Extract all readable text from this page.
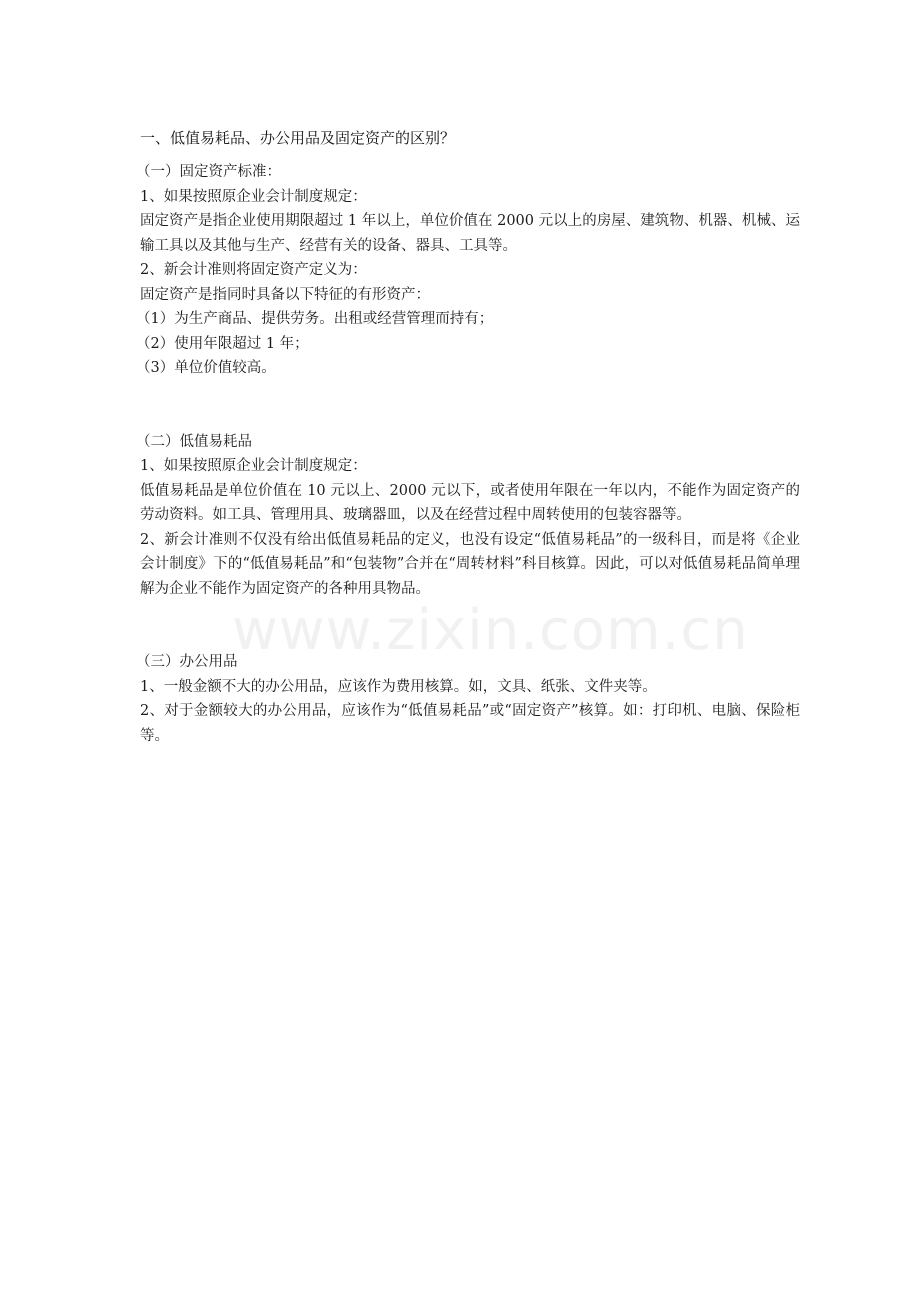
一、低值易耗品、办公用品及固定资产的区别？

（一）固定资产标准：

1、如果按照原企业会计制度规定：

固定资产是指企业使用期限超过 1 年以上，单位价值在 2000 元以上的房屋、建筑物、机器、机械、运输工具以及其他与生产、经营有关的设备、器具、工具等。

2、新会计准则将固定资产定义为：

固定资产是指同时具备以下特征的有形资产：

（1）为生产商品、提供劳务。出租或经营管理而持有；

（2）使用年限超过 1 年；

（3）单位价值较高。

（二）低值易耗品

1、如果按照原企业会计制度规定：

低值易耗品是单位价值在 10 元以上、2000 元以下，或者使用年限在一年以内，不能作为固定资产的劳动资料。如工具、管理用具、玻璃器皿，以及在经营过程中周转使用的包装容器等。

2、新会计准则不仅没有给出低值易耗品的定义，也没有设定“低值易耗品”的一级科目，而是将《企业会计制度》下的“低值易耗品”和“包装物”合并在“周转材料”科目核算。因此，可以对低值易耗品简单理解为企业不能作为固定资产的各种用具物品。

（三）办公用品

1、一般金额不大的办公用品，应该作为费用核算。如，文具、纸张、文件夹等。

2、对于金额较大的办公用品，应该作为“低值易耗品”或“固定资产”核算。如：打印机、电脑、保险柜等。

www.zixin.com.cn
